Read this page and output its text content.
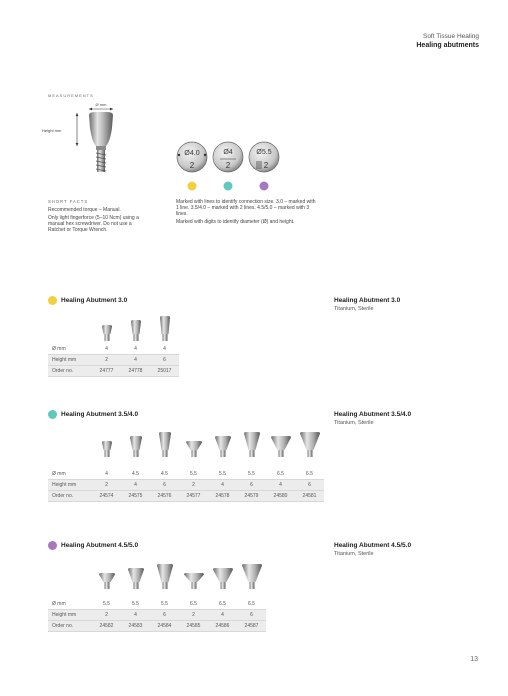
Soft Tissue Healing
Healing abutments
MEASUREMENTS
Ø mm
Height mm
SHORT FACTS

Recommended torque – Manual.

Only light fingerforce (5–10 Ncm) using a manual hex screwdriver. Do not use a Ratchet or Torque Wrench.

Ø4.0
2
Ø4
2
Ø5.5
2

Marked with lines to identify connection size. 3.0 – marked with 1 line. 3.5/4.0 – marked with 2 lines. 4.5/5.0 – marked with 3 lines.

Marked with digits to identify diameter (Ø) and height.

Healing Abutment 3.0	Healing Abutment 3.0
Titanium, Sterile
Ø mm	4	4	4
Height mm	2	4	6
Order no.	24777	24778	25017
Healing Abutment 3.5/4.0	Healing Abutment 3.5/4.0
Titanium, Sterile
Ø mm	4	4.5	4.5	5.5	5.5	5.5	6.5	6.5
Height mm	2	4	6	2	4	6	4	6
Order no.	24574	24575	24576	24577	24578	24579	24580	24581
Healing Abutment 4.5/5.0	Healing Abutment 4.5/5.0
Titanium, Sterile
Ø mm	5.5	5.5	5.5	6.5	6.5	6.5
Height mm	2	4	6	2	4	6
Order no.	24582	24583	24584	24585	24586	24587
13
